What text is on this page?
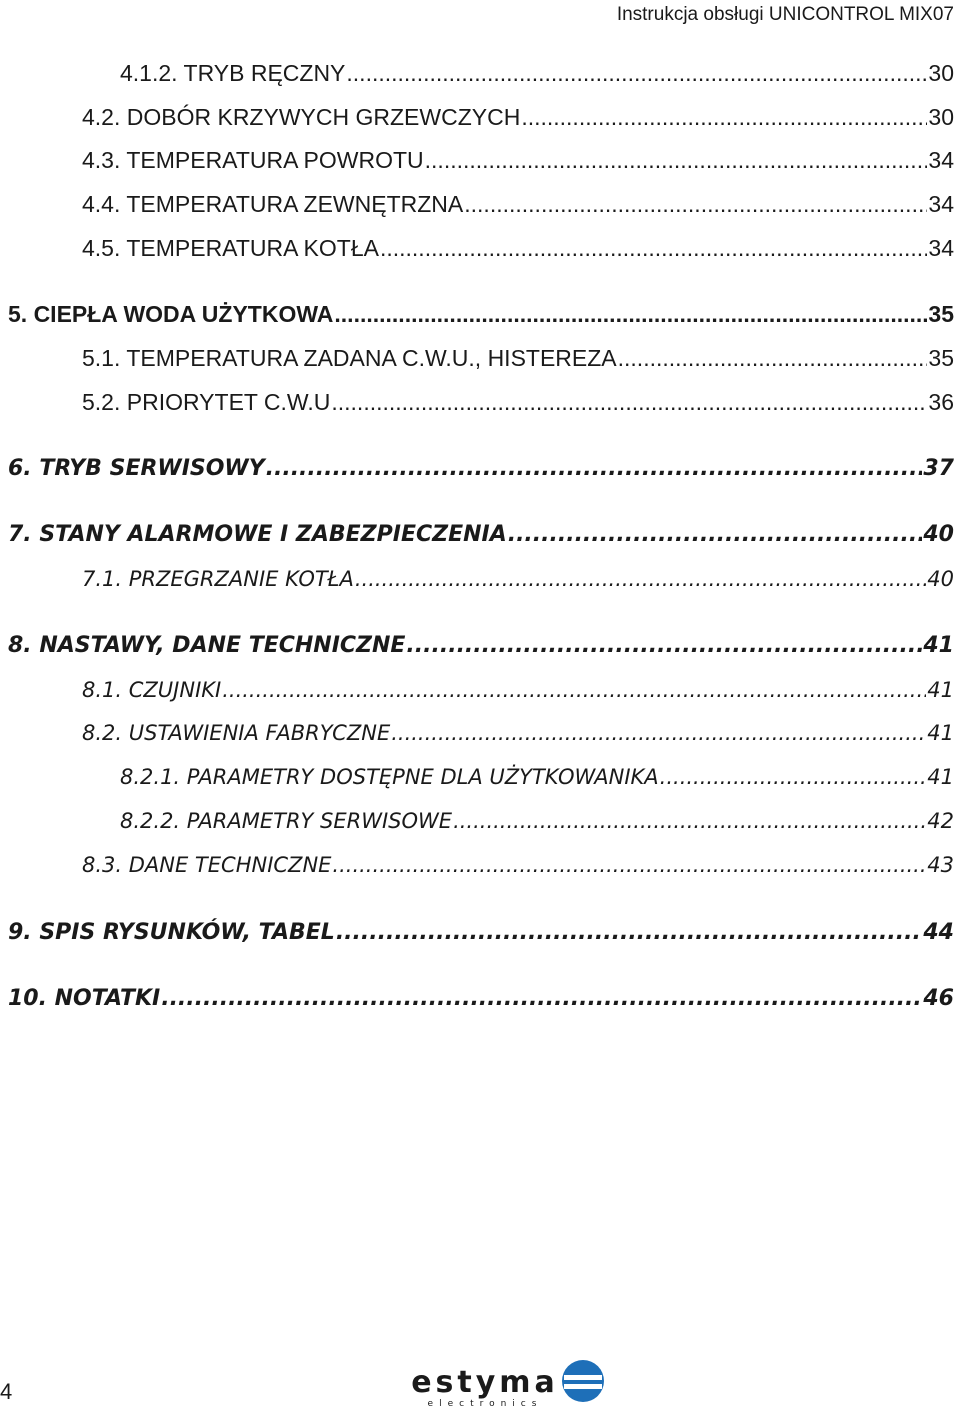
Instrukcja obsługi UNICONTROL MIX07
4.1.2. TRYB RĘCZNY .....	30
4.2. DOBÓR KRZYWYCH GRZEWCZYCH .....	30
4.3. TEMPERATURA POWROTU .....	34
4.4. TEMPERATURA ZEWNĘTRZNA .....	34
4.5. TEMPERATURA KOTŁA .....	34
5. CIEPŁA WODA UŻYTKOWA .....	35
5.1. TEMPERATURA ZADANA C.W.U., HISTEREZA .....	35
5.2. PRIORYTET C.W.U .....	36
6. TRYB SERWISOWY .....	37
7. STANY ALARMOWE I ZABEZPIECZENIA .....	40
7.1. PRZEGRZANIE KOTŁA .....	40
8. NASTAWY, DANE TECHNICZNE .....	41
8.1. CZUJNIKI .....	41
8.2. USTAWIENIA FABRYCZNE .....	41
8.2.1. PARAMETRY DOSTĘPNE DLA UŻYTKOWANIKA .....	41
8.2.2. PARAMETRY SERWISOWE .....	42
8.3. DANE TECHNICZNE .....	43
9. SPIS RYSUNKÓW, TABEL .....	44
10. NOTATKI .....	46
4	estyma
electronics
